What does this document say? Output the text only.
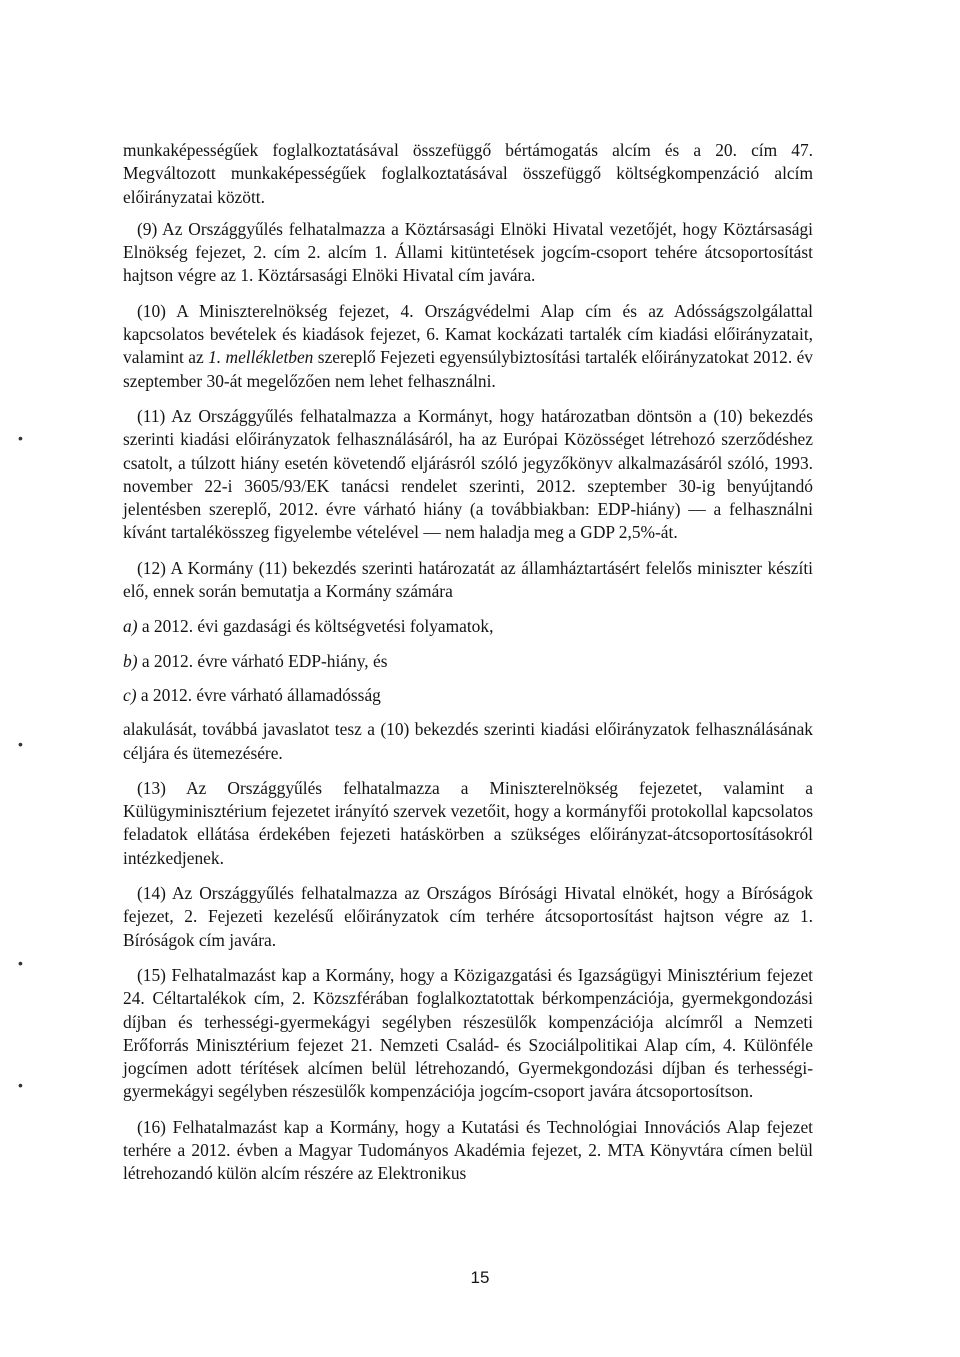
munkaképességűek foglalkoztatásával összefüggő bértámogatás alcím és a 20. cím 47. Megváltozott munkaképességűek foglalkoztatásával összefüggő költségkompenzáció alcím előirányzatai között.

(9) Az Országgyűlés felhatalmazza a Köztársasági Elnöki Hivatal vezetőjét, hogy Köztársasági Elnökség fejezet, 2. cím 2. alcím 1. Állami kitüntetések jogcím-csoport tehére átcsoportosítást hajtson végre az 1. Köztársasági Elnöki Hivatal cím javára.

(10) A Miniszterelnökség fejezet, 4. Országvédelmi Alap cím és az Adósságszolgálattal kapcsolatos bevételek és kiadások fejezet, 6. Kamat kockázati tartalék cím kiadási előirányzatait, valamint az 1. mellékletben szereplő Fejezeti egyensúlybiztosítási tartalék előirányzatokat 2012. év szeptember 30-át megelőzően nem lehet felhasználni.

(11) Az Országgyűlés felhatalmazza a Kormányt, hogy határozatban döntsön a (10) bekezdés szerinti kiadási előirányzatok felhasználásáról, ha az Európai Közösséget létrehozó szerződéshez csatolt, a túlzott hiány esetén követendő eljárásról szóló jegyzőkönyv alkalmazásáról szóló, 1993. november 22-i 3605/93/EK tanácsi rendelet szerinti, 2012. szeptember 30-ig benyújtandó jelentésben szereplő, 2012. évre várható hiány (a továbbiakban: EDP-hiány) — a felhasználni kívánt tartalékösszeg figyelembe vételével — nem haladja meg a GDP 2,5%-át.

(12) A Kormány (11) bekezdés szerinti határozatát az államháztartásért felelős miniszter készíti elő, ennek során bemutatja a Kormány számára

a) a 2012. évi gazdasági és költségvetési folyamatok,

b) a 2012. évre várható EDP-hiány, és

c) a 2012. évre várható államadósság

alakulását, továbbá javaslatot tesz a (10) bekezdés szerinti kiadási előirányzatok felhasználásának céljára és ütemezésére.

(13) Az Országgyűlés felhatalmazza a Miniszterelnökség fejezetet, valamint a Külügyminisztérium fejezetet irányító szervek vezetőit, hogy a kormányfői protokollal kapcsolatos feladatok ellátása érdekében fejezeti hatáskörben a szükséges előirányzat-átcsoportosításokról intézkedjenek.

(14) Az Országgyűlés felhatalmazza az Országos Bírósági Hivatal elnökét, hogy a Bíróságok fejezet, 2. Fejezeti kezelésű előirányzatok cím terhére átcsoportosítást hajtson végre az 1. Bíróságok cím javára.

(15) Felhatalmazást kap a Kormány, hogy a Közigazgatási és Igazságügyi Minisztérium fejezet 24. Céltartalékok cím, 2. Közszférában foglalkoztatottak bérkompenzációja, gyermekgondozási díjban és terhességi-gyermekágyi segélyben részesülők kompenzációja alcímről a Nemzeti Erőforrás Minisztérium fejezet 21. Nemzeti Család- és Szociálpolitikai Alap cím, 4. Különféle jogcímen adott térítések alcímen belül létrehozandó, Gyermekgondozási díjban és terhességi-gyermekágyi segélyben részesülők kompenzációja jogcím-csoport javára átcsoportosítson.

(16) Felhatalmazást kap a Kormány, hogy a Kutatási és Technológiai Innovációs Alap fejezet terhére a 2012. évben a Magyar Tudományos Akadémia fejezet, 2. MTA Könyvtára címen belül létrehozandó külön alcím részére az Elektronikus

•
•
•
•
15
